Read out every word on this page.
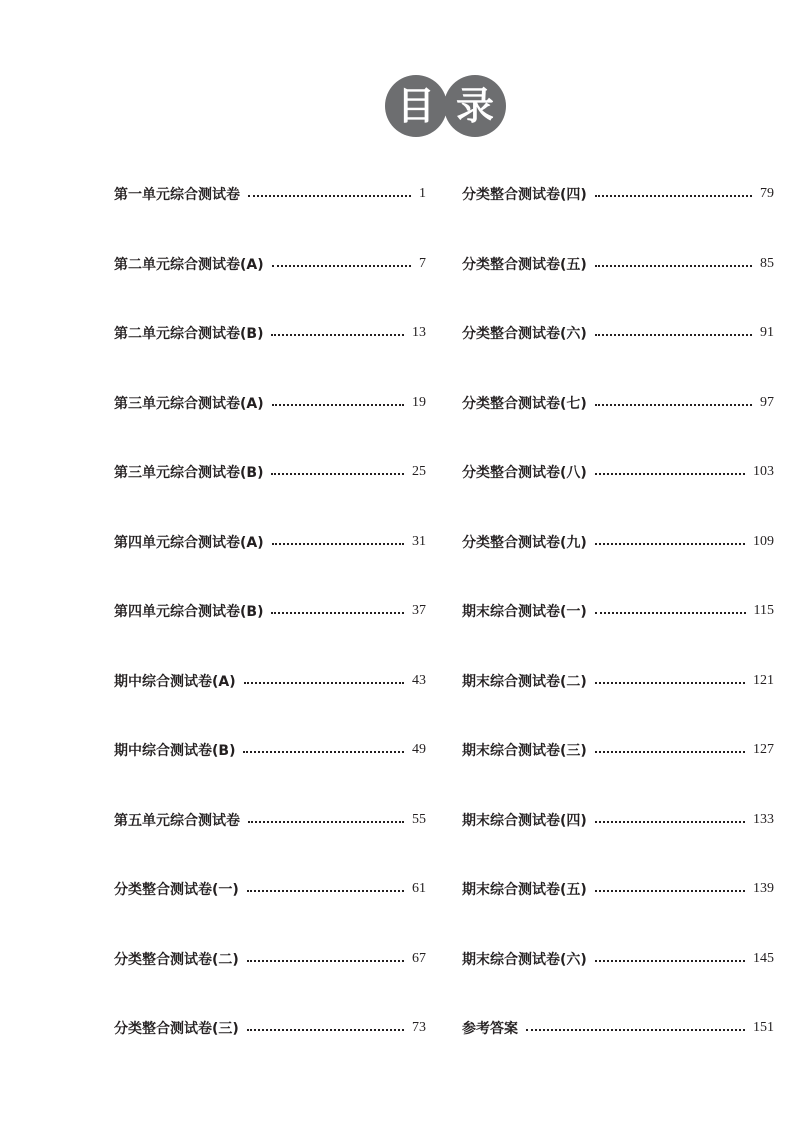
目 录
第一单元综合测试卷	1
第二单元综合测试卷(A)	7
第二单元综合测试卷(B)	13
第三单元综合测试卷(A)	19
第三单元综合测试卷(B)	25
第四单元综合测试卷(A)	31
第四单元综合测试卷(B)	37
期中综合测试卷(A)	43
期中综合测试卷(B)	49
第五单元综合测试卷	55
分类整合测试卷(一)	61
分类整合测试卷(二)	67
分类整合测试卷(三)	73
分类整合测试卷(四)	79
分类整合测试卷(五)	85
分类整合测试卷(六)	91
分类整合测试卷(七)	97
分类整合测试卷(八)	103
分类整合测试卷(九)	109
期末综合测试卷(一)	115
期末综合测试卷(二)	121
期末综合测试卷(三)	127
期末综合测试卷(四)	133
期末综合测试卷(五)	139
期末综合测试卷(六)	145
参考答案	151
